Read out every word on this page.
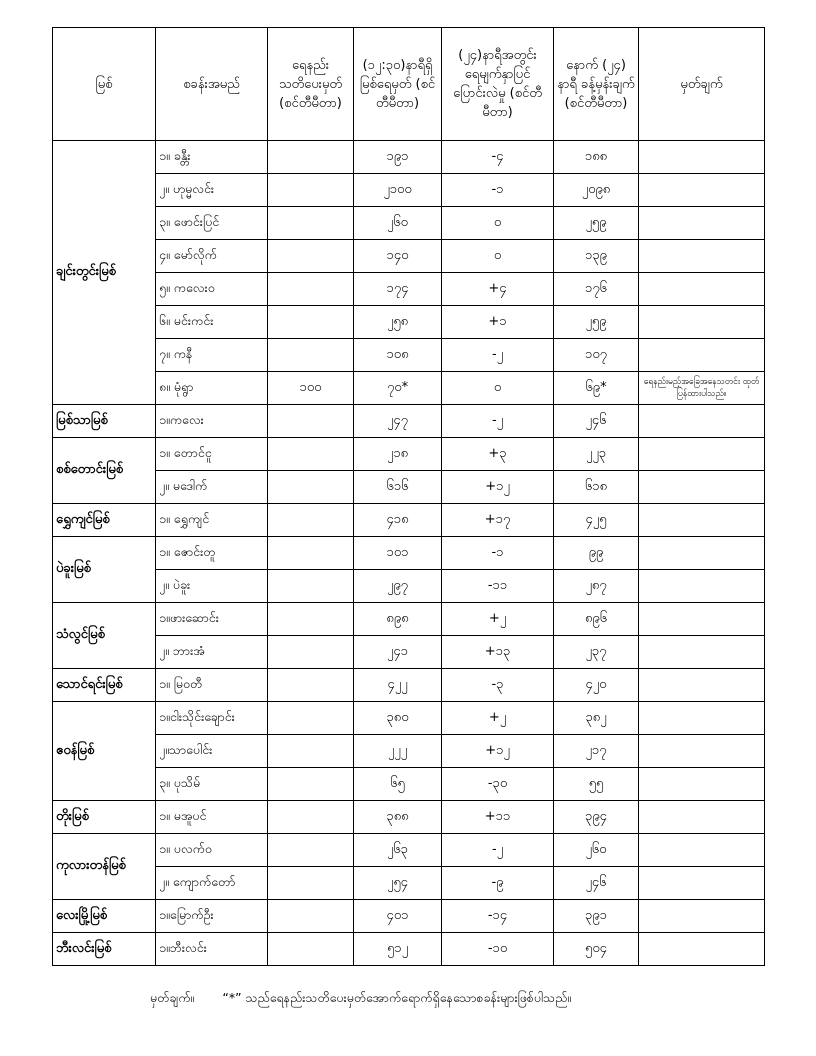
မြစ်	စခန်းအမည်	ရေနည်း သတိပေးမှတ် (စင်တီမီတာ)	(၁၂:၃၀)နာရီရှိ မြစ်ရေမှတ် (စင်တီမီတာ)	(၂၄)နာရီအတွင်း ရေမျက်နှာပြင် ပြောင်းလဲမှု (စင်တီမီတာ)	နောက် (၂၄) နာရီ ခန့်မှန်းချက် (စင်တီမီတာ)	မှတ်ချက်
ချင်းတွင်းမြစ်	၁။ ခန္တီး		၁၉၁	-၄	၁၈၈	
	၂။ ဟုမ္မလင်း		၂၁၀၀	-၁	၂၀၉၈	
	၃။ ဖောင်းပြင်		၂၆၀	၀	၂၅၉	
	၄။ မော်လိုက်		၁၄၀	၀	၁၃၉	
	၅။ ကလေးဝ		၁၇၄	+၄	၁၇၆	
	၆။ မင်းကင်း		၂၅၈	+၁	၂၅၉	
	၇။ ကနီ		၁၀၈	-၂	၁၀၇	
	၈။ မုံရွာ	၁၀၀	၇၀*	၀	၆၉*	ရေနည်းမည့်အခြေအနေသတင်း ထုတ်ပြန်ထားပါသည်။
မြစ်သာမြစ်	၁။ကလေး		၂၄၇	-၂	၂၄၆	
စစ်တောင်းမြစ်	၁။ တောင်ငူ		၂၁၈	+၃	၂၂၃	
	၂။ မဒေါက်		၆၁၆	+၁၂	၆၁၈	
ရွှေကျင်မြစ်	၁။ ရွှေကျင်		၄၁၈	+၁၇	၄၂၅	
ပဲခူးမြစ်	၁။ ဇောင်းတူ		၁၀၁	-၁	၉၉	
	၂။ ပဲခူး		၂၉၇	-၁၁	၂၈၇	
သံလွင်မြစ်	၁။ဖားဆောင်း		၈၉၈	+၂	၈၉၆	
	၂။ ဘားအံ		၂၄၁	+၁၃	၂၃၇	
သောင်ရင်းမြစ်	၁။ မြဝတီ		၄၂၂	-၃	၄၂၀	
ဧဝန်မြစ်	၁။ငါးသိုင်းချောင်း		၃၈၀	+၂	၃၈၂	
	၂။သာပေါင်း		၂၂၂	+၁၂	၂၁၇	
	၃။ ပုသိမ်		၆၅	-၃၀	၅၅	
တိုးမြစ်	၁။ မအူပင်		၃၈၈	+၁၁	၃၉၄	
ကုလားတန်မြစ်	၁။ ပလက်ဝ		၂၆၃	-၂	၂၆၀	
	၂။ ကျောက်တော်		၂၅၄	-၉	၂၄၆	
လေးမြို့မြစ်	၁။မြောက်ဦး		၄၀၁	-၁၄	၃၉၁	
ဘီးလင်းမြစ်	၁။ဘီးလင်း		၅၁၂	-၁၀	၅၀၄	
မှတ်ချက်။ “*” သည်ရေနည်းသတိပေးမှတ်အောက်ရောက်ရှိနေသောစခန်းများဖြစ်ပါသည်။
